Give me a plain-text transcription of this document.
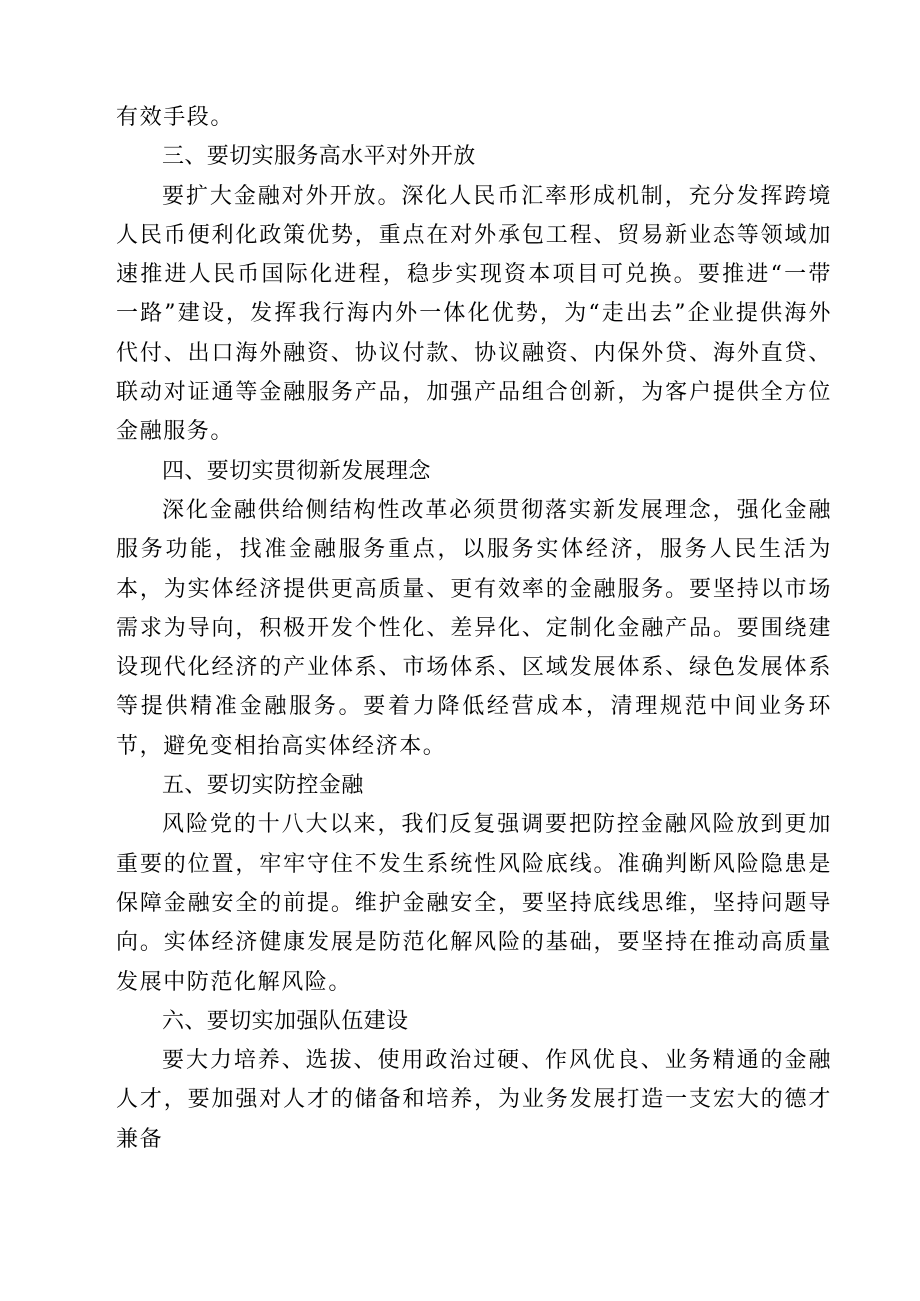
有效手段。

三、要切实服务高水平对外开放

要扩大金融对外开放。深化人民币汇率形成机制，充分发挥跨境人民币便利化政策优势，重点在对外承包工程、贸易新业态等领域加速推进人民币国际化进程，稳步实现资本项目可兑换。要推进“一带一路”建设，发挥我行海内外一体化优势，为“走出去”企业提供海外代付、出口海外融资、协议付款、协议融资、内保外贷、海外直贷、联动对证通等金融服务产品，加强产品组合创新，为客户提供全方位金融服务。

四、要切实贯彻新发展理念

深化金融供给侧结构性改革必须贯彻落实新发展理念，强化金融服务功能，找准金融服务重点，以服务实体经济，服务人民生活为本，为实体经济提供更高质量、更有效率的金融服务。要坚持以市场需求为导向，积极开发个性化、差异化、定制化金融产品。要围绕建设现代化经济的产业体系、市场体系、区域发展体系、绿色发展体系等提供精准金融服务。要着力降低经营成本，清理规范中间业务环节，避免变相抬高实体经济本。

五、要切实防控金融

风险党的十八大以来，我们反复强调要把防控金融风险放到更加重要的位置，牢牢守住不发生系统性风险底线。准确判断风险隐患是保障金融安全的前提。维护金融安全，要坚持底线思维，坚持问题导向。实体经济健康发展是防范化解风险的基础，要坚持在推动高质量发展中防范化解风险。

六、要切实加强队伍建设

要大力培养、选拔、使用政治过硬、作风优良、业务精通的金融人才，要加强对人才的储备和培养，为业务发展打造一支宏大的德才兼备
